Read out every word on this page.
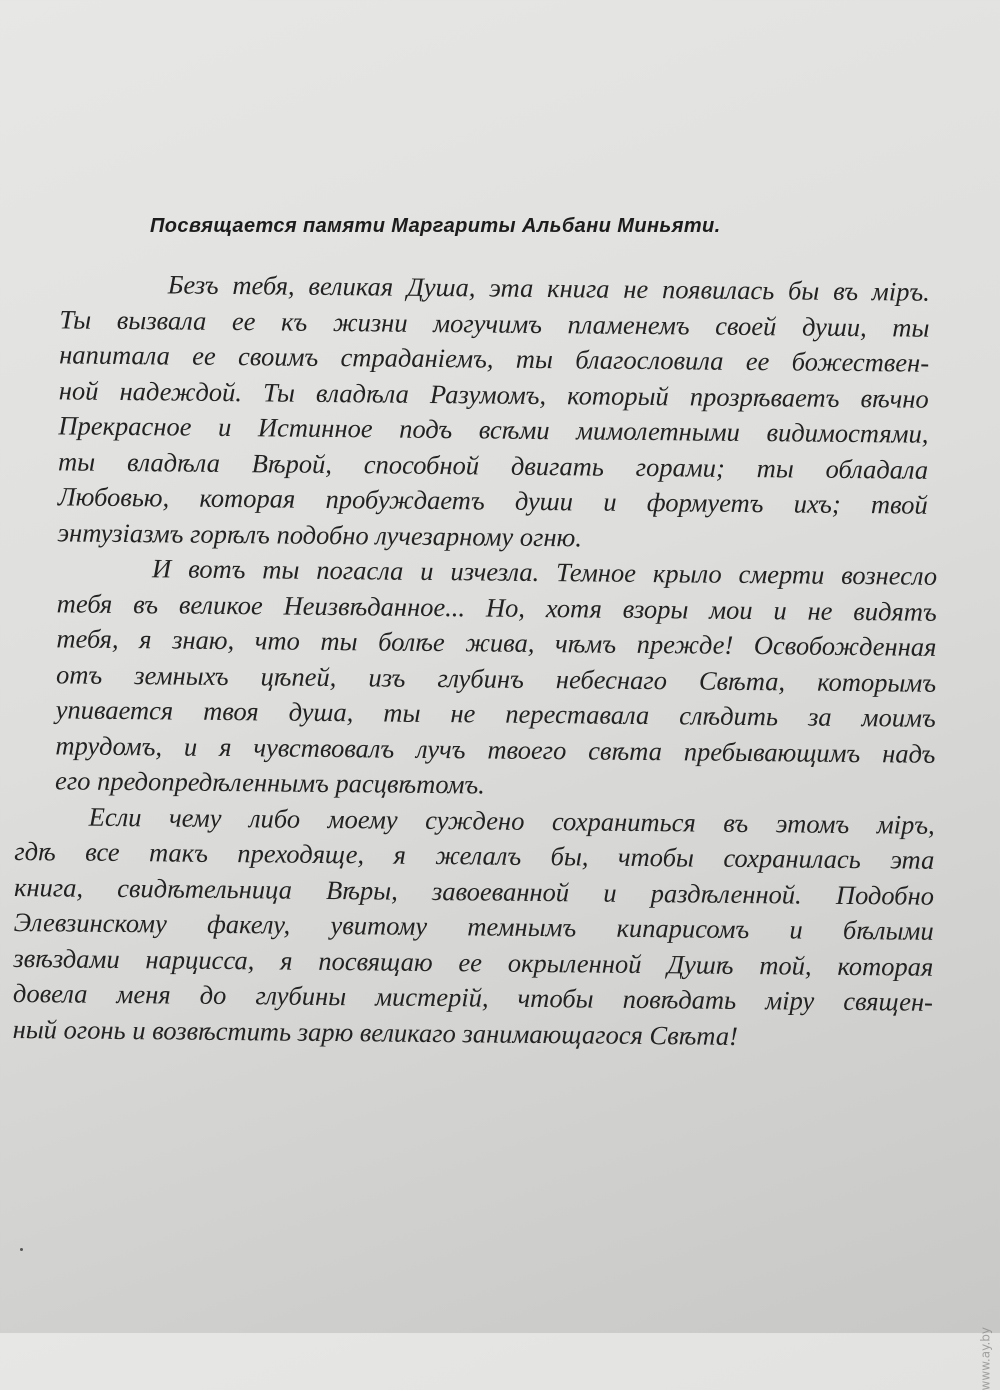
Посвящается памяти Маргариты Альбани Миньяти.
Безъ тебя, великая Душа, эта книга не появилась бы въ міръ.
Ты вызвала ее къ жизни могучимъ пламенемъ своей души, ты
напитала ее своимъ страданіемъ, ты благословила ее божествен-
ной надеждой. Ты владѣла Разумомъ, который прозрѣваетъ вѣчно
Прекрасное и Истинное подъ всѣми мимолетными видимостями,
ты владѣла Вѣрой, способной двигать горами; ты обладала
Любовью, которая пробуждаетъ души и формуетъ ихъ; твой
энтузіазмъ горѣлъ подобно лучезарному огню.
И вотъ ты погасла и изчезла. Темное крыло смерти вознесло
тебя въ великое Неизвѣданное... Но, хотя взоры мои и не видятъ
тебя, я знаю, что ты болѣе жива, чѣмъ прежде! Освобожденная
отъ земныхъ цѣпей, изъ глубинъ небеснаго Свѣта, которымъ
упивается твоя душа, ты не переставала слѣдить за моимъ
трудомъ, и я чувствовалъ лучъ твоего свѣта пребывающимъ надъ
его предопредѣленнымъ расцвѣтомъ.
Если чему либо моему суждено сохраниться въ этомъ міръ,
гдѣ все такъ преходяще, я желалъ бы, чтобы сохранилась эта
книга, свидѣтельница Вѣры, завоеванной и раздѣленной. Подобно
Элевзинскому факелу, увитому темнымъ кипарисомъ и бѣлыми
звѣздами нарцисса, я посвящаю ее окрыленной Душѣ той, которая
довела меня до глубины мистерій, чтобы повѣдать міру священ-
ный огонь и возвѣстить зарю великаго занимающагося Свѣта!
www.ay.by
